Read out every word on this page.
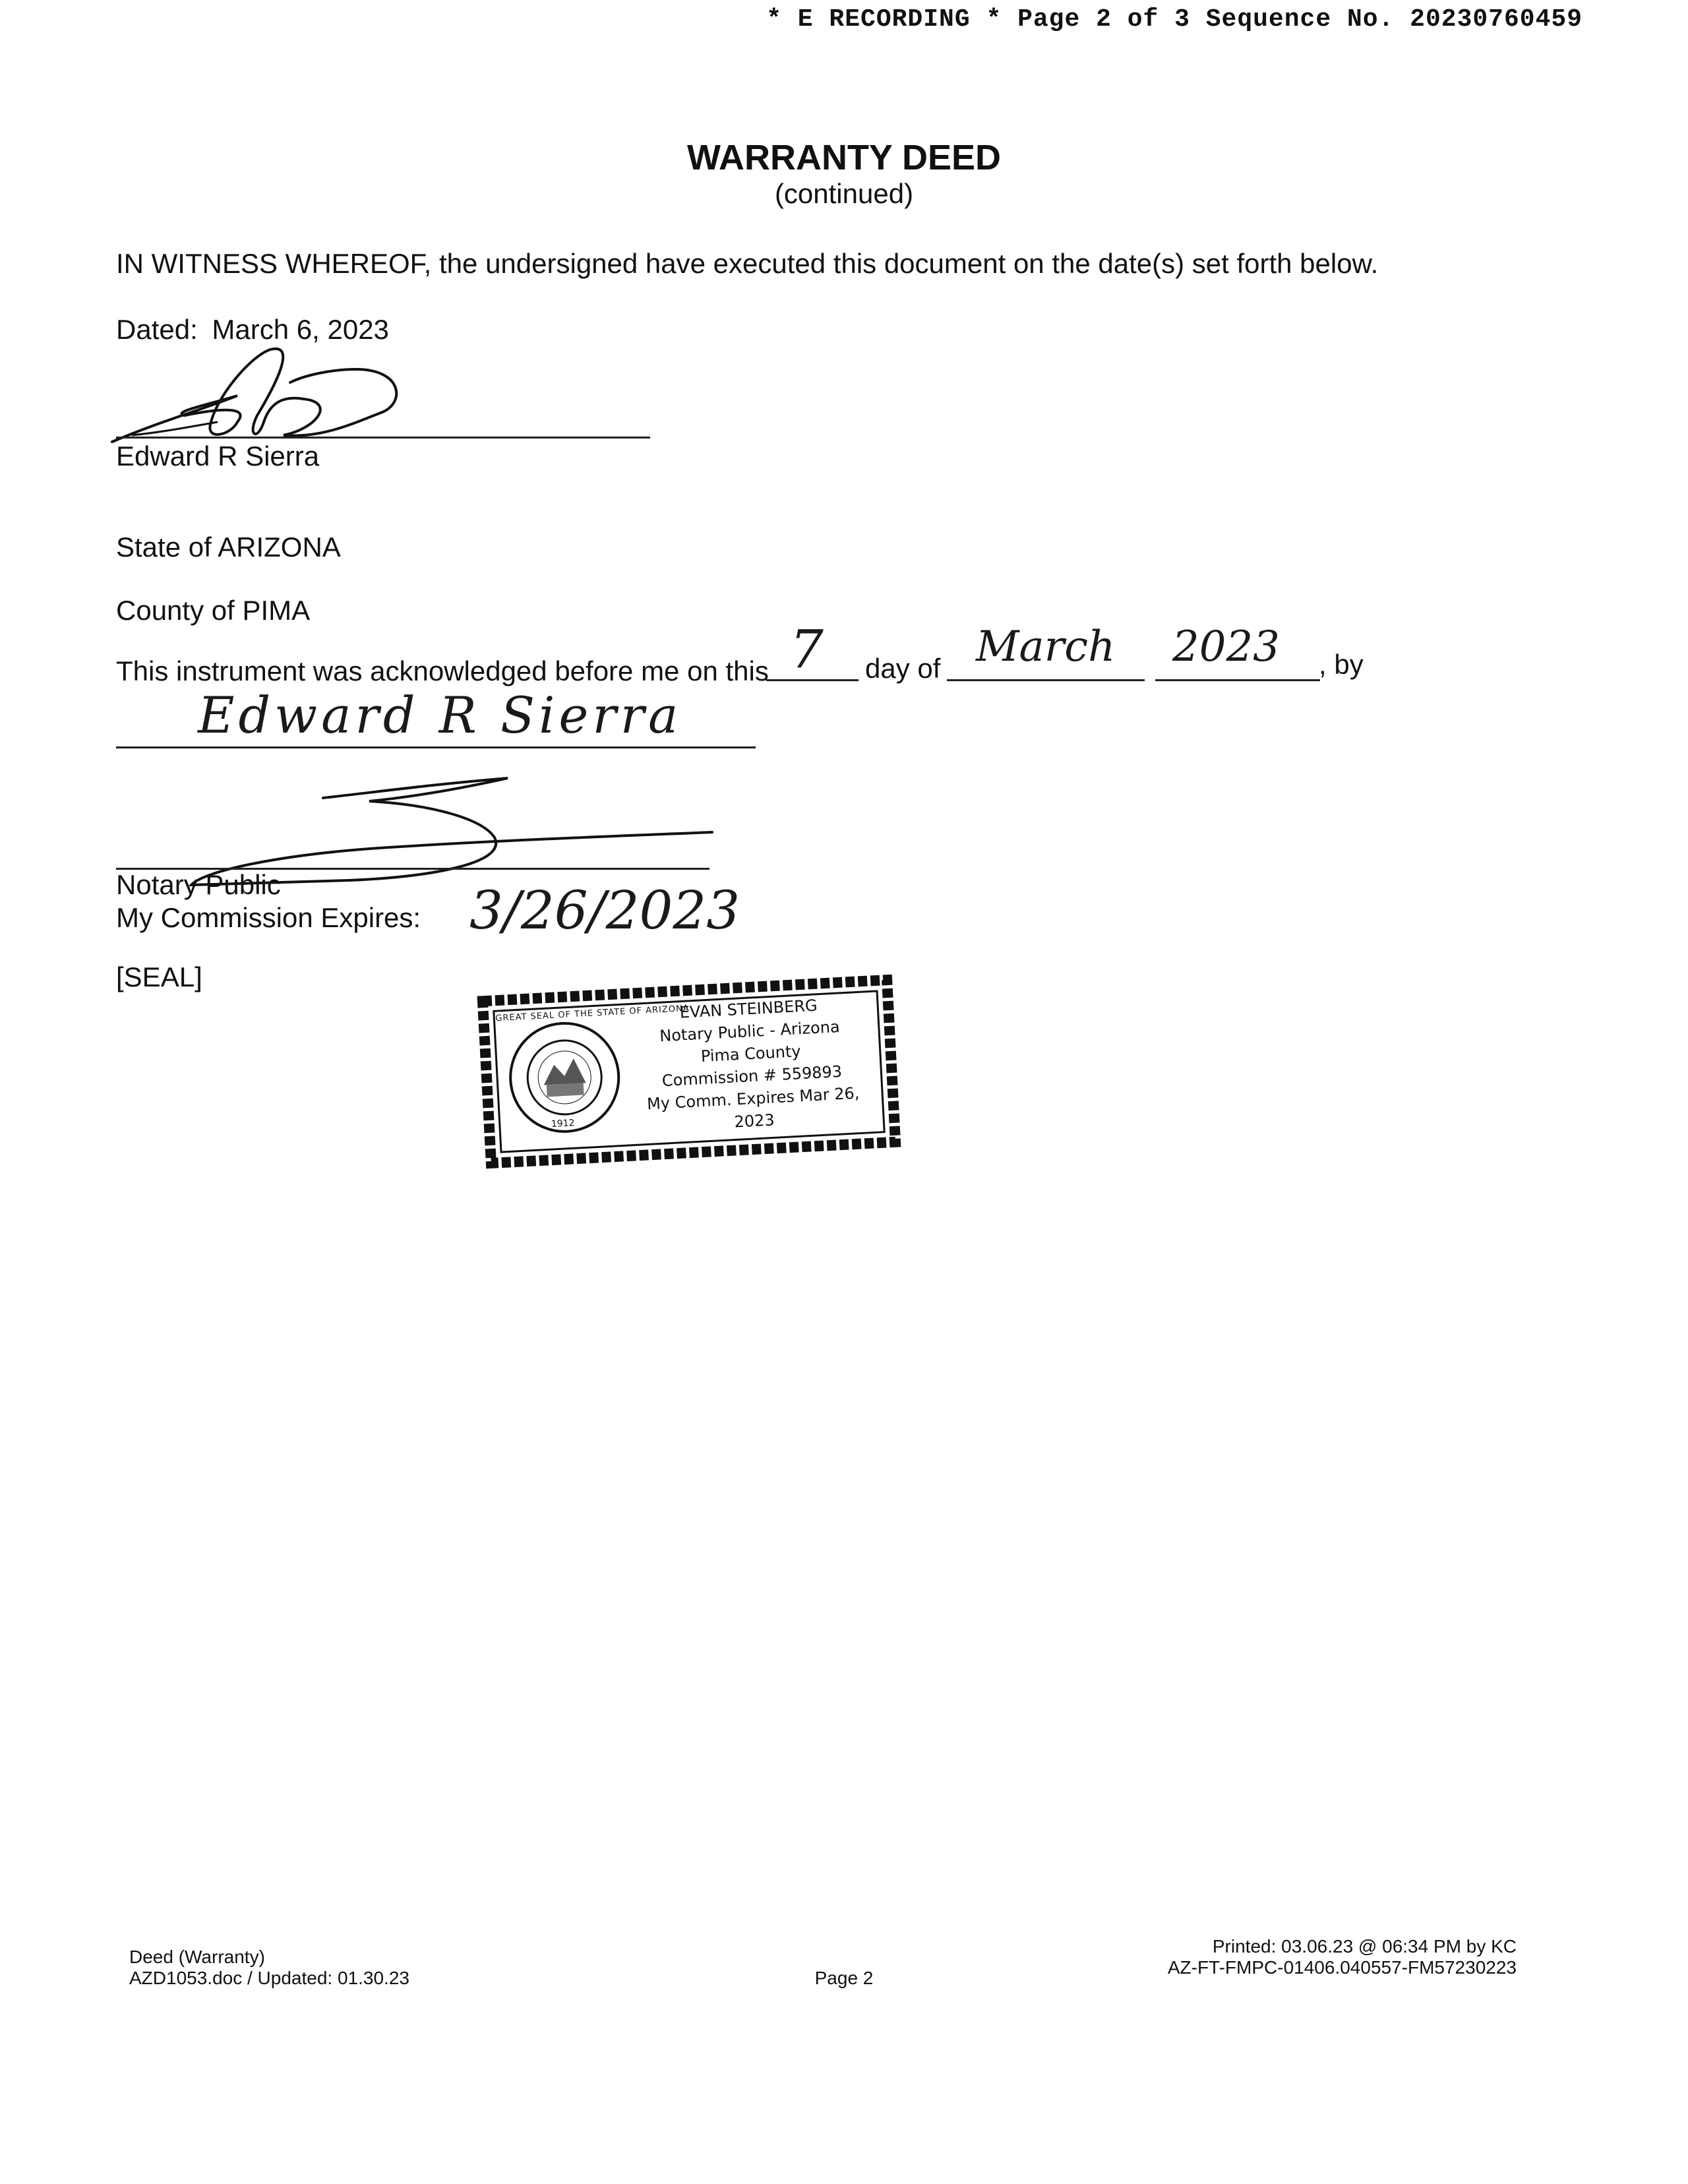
* E RECORDING * Page 2 of 3 Sequence No. 20230760459
WARRANTY DEED
(continued)
IN WITNESS WHEREOF, the undersigned have executed this document on the date(s) set forth below.
Dated: March 6, 2023
Edward R Sierra
State of ARIZONA
County of PIMA
This instrument was acknowledged before me on this 7 day of March 2023 , by
Edward R Sierra
Notary Public
My Commission Expires: 3/26/2023
[SEAL]
GREAT SEAL OF THE STATE OF ARIZONA
1912
EVAN STEINBERG
Notary Public - Arizona
Pima County
Commission # 559893
My Comm. Expires Mar 26, 2023
Deed (Warranty)
AZD1053.doc / Updated: 01.30.23	Page 2
Printed: 03.06.23 @ 06:34 PM by KC
AZ-FT-FMPC-01406.040557-FM57230223
